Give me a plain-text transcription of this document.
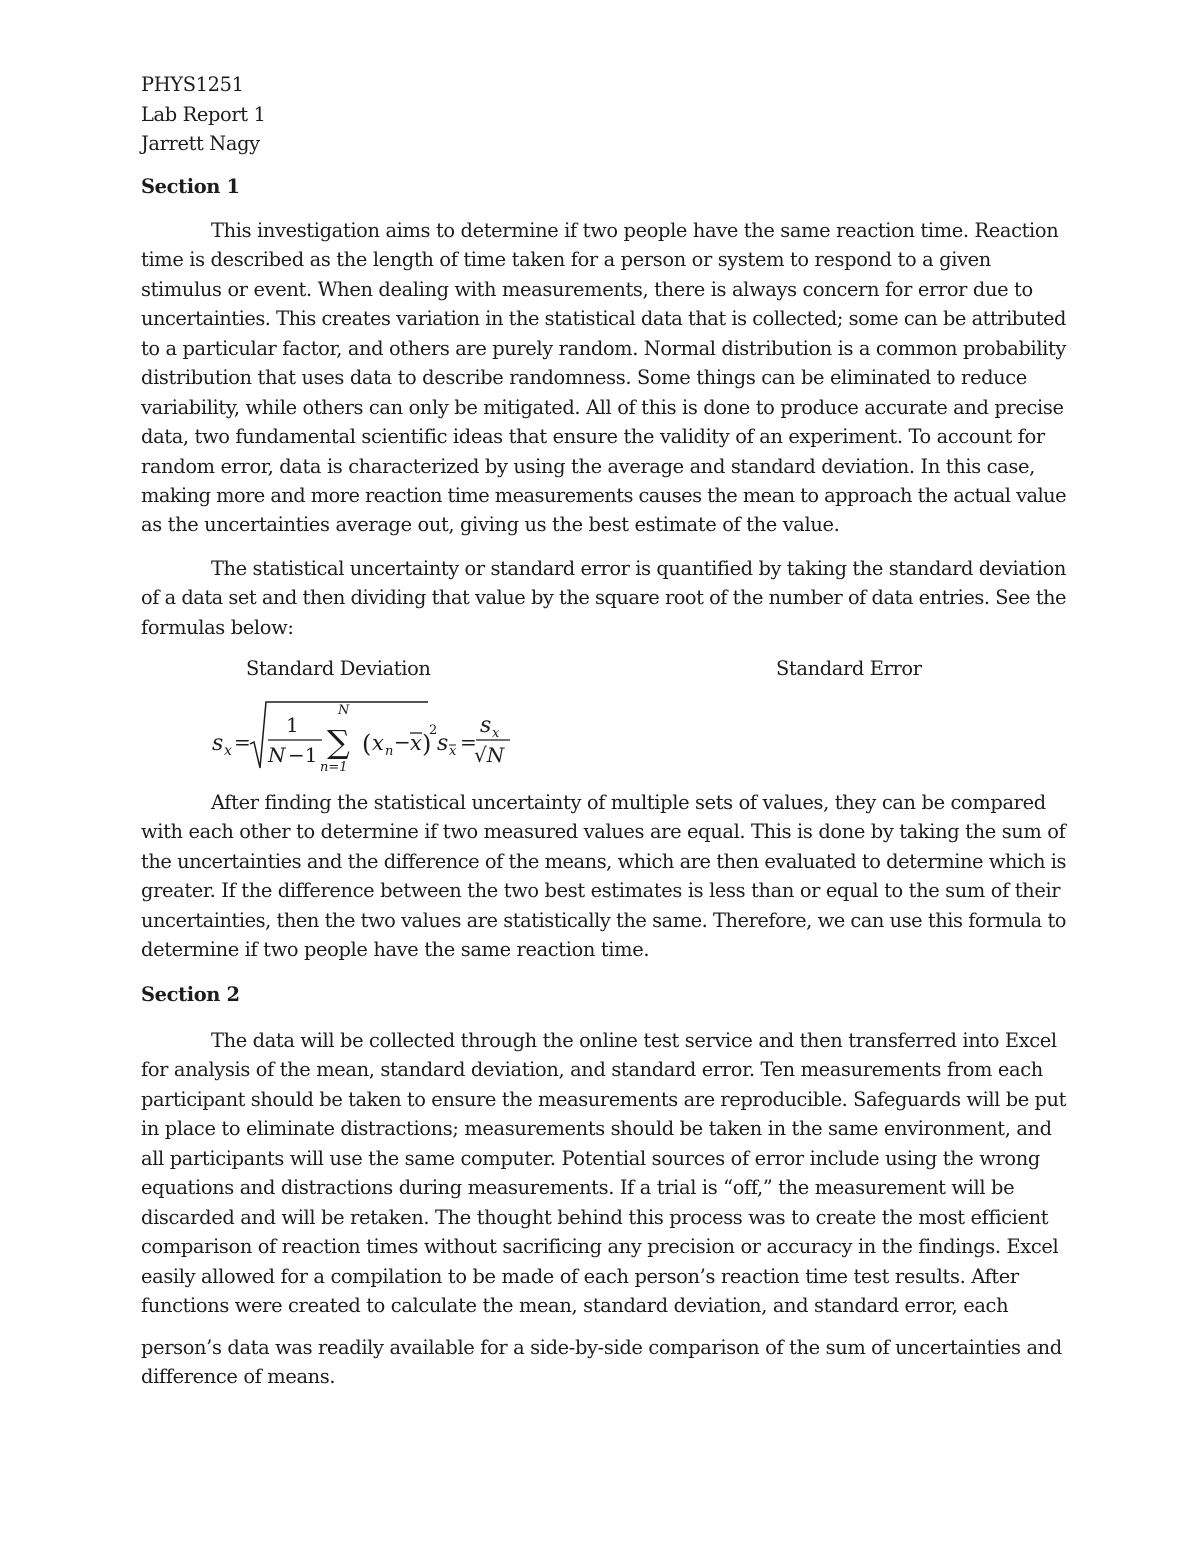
PHYS1251
Lab Report 1
Jarrett Nagy
Section 1
This investigation aims to determine if two people have the same reaction time. Reaction
time is described as the length of time taken for a person or system to respond to a given
stimulus or event. When dealing with measurements, there is always concern for error due to
uncertainties. This creates variation in the statistical data that is collected; some can be attributed
to a particular factor, and others are purely random. Normal distribution is a common probability
distribution that uses data to describe randomness. Some things can be eliminated to reduce
variability, while others can only be mitigated. All of this is done to produce accurate and precise
data, two fundamental scientific ideas that ensure the validity of an experiment. To account for
random error, data is characterized by using the average and standard deviation. In this case,
making more and more reaction time measurements causes the mean to approach the actual value
as the uncertainties average out, giving us the best estimate of the value.
The statistical uncertainty or standard error is quantified by taking the standard deviation
of a data set and then dividing that value by the square root of the number of data entries. See the
formulas below:
Standard Deviation	Standard Error
s x =
1
N −1
N
∑
n=1
( x n − x )
2
s x =
s x
√N
After finding the statistical uncertainty of multiple sets of values, they can be compared
with each other to determine if two measured values are equal. This is done by taking the sum of
the uncertainties and the difference of the means, which are then evaluated to determine which is
greater. If the difference between the two best estimates is less than or equal to the sum of their
uncertainties, then the two values are statistically the same. Therefore, we can use this formula to
determine if two people have the same reaction time.
Section 2
The data will be collected through the online test service and then transferred into Excel
for analysis of the mean, standard deviation, and standard error. Ten measurements from each
participant should be taken to ensure the measurements are reproducible. Safeguards will be put
in place to eliminate distractions; measurements should be taken in the same environment, and
all participants will use the same computer. Potential sources of error include using the wrong
equations and distractions during measurements. If a trial is “off,” the measurement will be
discarded and will be retaken. The thought behind this process was to create the most efficient
comparison of reaction times without sacrificing any precision or accuracy in the findings. Excel
easily allowed for a compilation to be made of each person’s reaction time test results. After
functions were created to calculate the mean, standard deviation, and standard error, each
person’s data was readily available for a side-by-side comparison of the sum of uncertainties and
difference of means.
